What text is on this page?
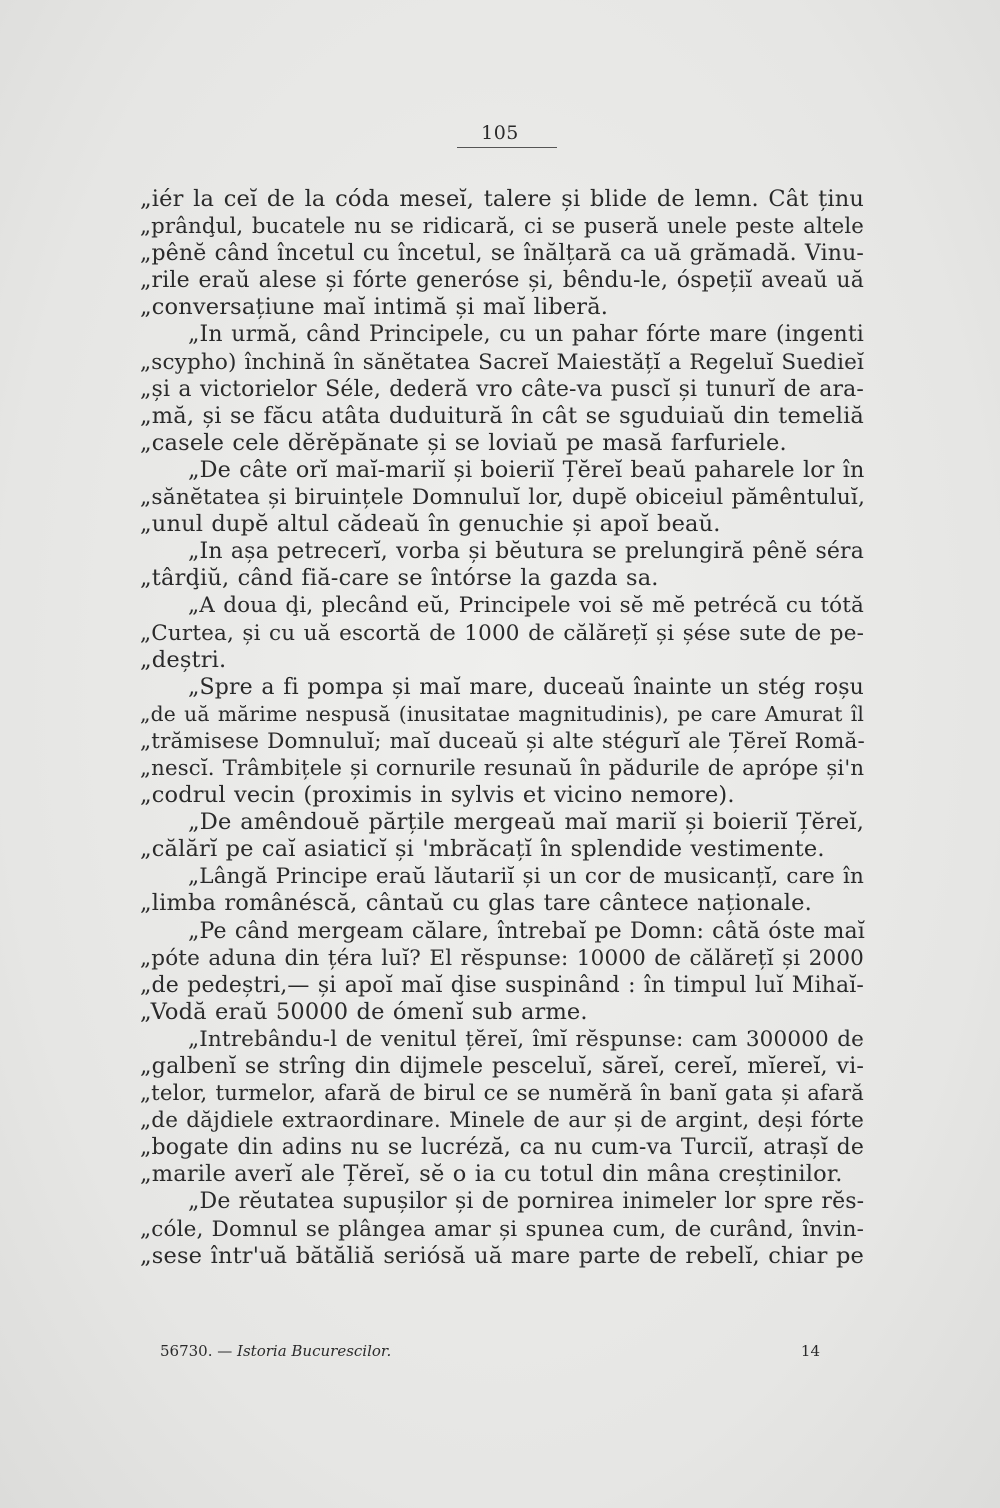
105

„iér la ceĭ de la códa meseĭ, talere și blide de lemn. Cât ținu
„prânḑul, bucatele nu se ridicară, ci se puseră unele peste altele
„pênĕ când încetul cu încetul, se înălțară ca uă grămadă. Vinu-
„rile eraŭ alese și fórte generóse și, bêndu-le, óspețiĭ aveaŭ uă
„conversațiune maĭ intimă și maĭ liberă.
„In urmă, când Principele, cu un pahar fórte mare (ingenti
„scypho) închină în sănĕtatea Sacreĭ Maiestățĭ a Regeluĭ Suedieĭ
„și a victorielor Séle, dederă vro câte-va puscĭ și tunurĭ de ara-
„mă, și se făcu atâta duduitură în cât se sguduiaŭ din temeliă
„casele cele dĕrĕpănate și se loviaŭ pe masă farfuriele.
„De câte orĭ maĭ-mariĭ și boieriĭ Țĕreĭ beaŭ paharele lor în
„sănĕtatea și biruințele Domnuluĭ lor, dupĕ obiceiul pămêntuluĭ,
„unul dupĕ altul cădeaŭ în genuchie și apoĭ beaŭ.
„In așa petrecerĭ, vorba și bĕutura se prelungiră pênĕ séra
„târḑiŭ, când fiă-care se întórse la gazda sa.
„A doua ḑi, plecând eŭ, Principele voi sĕ mĕ petrécă cu tótă
„Curtea, și cu uă escortă de 1000 de călărețĭ și șése sute de pe-
„deștri.
„Spre a fi pompa și maĭ mare, duceaŭ înainte un stég roșu
„de uă mărime nespusă (inusitatae magnitudinis), pe care Amurat îl
„trămisese Domnuluĭ; maĭ duceaŭ și alte stégurĭ ale Țĕreĭ Romă-
„nescĭ. Trâmbițele și cornurile resunaŭ în pădurile de aprópe și'n
„codrul vecin (proximis in sylvis et vicino nemore).
„De amêndouĕ părțile mergeaŭ maĭ mariĭ și boieriĭ Țĕreĭ,
„călărĭ pe caĭ asiaticĭ și 'mbrăcațĭ în splendide vestimente.
„Lângă Principe eraŭ lăutariĭ și un cor de musicanțĭ, care în
„limba românéscă, cântaŭ cu glas tare cântece naționale.
„Pe când mergeam călare, întrebaĭ pe Domn: câtă óste maĭ
„póte aduna din țéra luĭ? El rĕspunse: 10000 de călărețĭ și 2000
„de pedeștri,— și apoĭ maĭ ḑise suspinând : în timpul luĭ Mihaĭ-
„Vodă eraŭ 50000 de ómenĭ sub arme.
„Intrebându-l de venitul țĕreĭ, îmĭ rĕspunse: cam 300000 de
„galbenĭ se strîng din dijmele pesceluĭ, săreĭ, cereĭ, mĭereĭ, vi-
„telor, turmelor, afară de birul ce se numĕră în banĭ gata și afară
„de dăjdiele extraordinare. Minele de aur și de argint, deși fórte
„bogate din adins nu se lucréză, ca nu cum-va Turciĭ, atrașĭ de
„marile averĭ ale Țĕreĭ, sĕ o ia cu totul din mâna creștinilor.
„De rĕutatea supușilor și de pornirea inimeler lor spre rĕs-
„cóle, Domnul se plângea amar și spunea cum, de curând, învin-
„sese într'uă bătăliă seriósă uă mare parte de rebelĭ, chiar pe

56730. — Istoria Bucurescilor.	14
